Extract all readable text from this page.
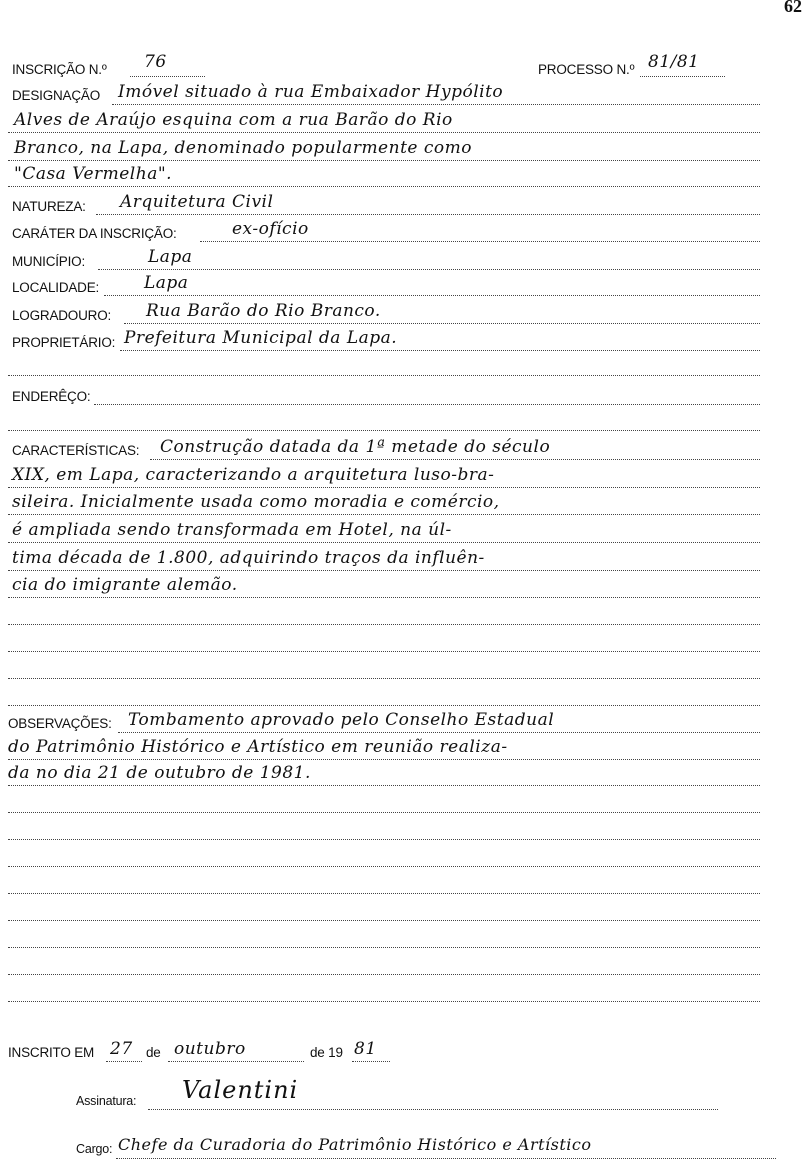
62
INSCRIÇÃO N.º 76	PROCESSO N.º 81/81
DESIGNAÇÃO Imóvel situado à rua Embaixador Hypólito
Alves de Araújo esquina com a rua Barão do Rio
Branco, na Lapa, denominado popularmente como
"Casa Vermelha".
NATUREZA: Arquitetura Civil
CARÁTER DA INSCRIÇÃO:	ex-ofício
MUNICÍPIO:	Lapa
LOCALIDADE:	Lapa
LOGRADOURO: Rua Barão do Rio Branco.
PROPRIETÁRIO: Prefeitura Municipal da Lapa.
ENDERÊÇO:
CARACTERÍSTICAS: Construção datada da 1ª metade do século
XIX, em Lapa, caracterizando a arquitetura luso-bra-
sileira. Inicialmente usada como moradia e comércio,
é ampliada sendo transformada em Hotel, na úl-
tima década de 1.800, adquirindo traços da influên-
cia do imigrante alemão.
OBSERVAÇÕES: Tombamento aprovado pelo Conselho Estadual
do Patrimônio Histórico e Artístico em reunião realiza-
da no dia 21 de outubro de 1981.
INSCRITO EM 27 de outubro	de 19 81
Assinatura: Valentini
Cargo: Chefe da Curadoria do Patrimônio Histórico e Artístico
